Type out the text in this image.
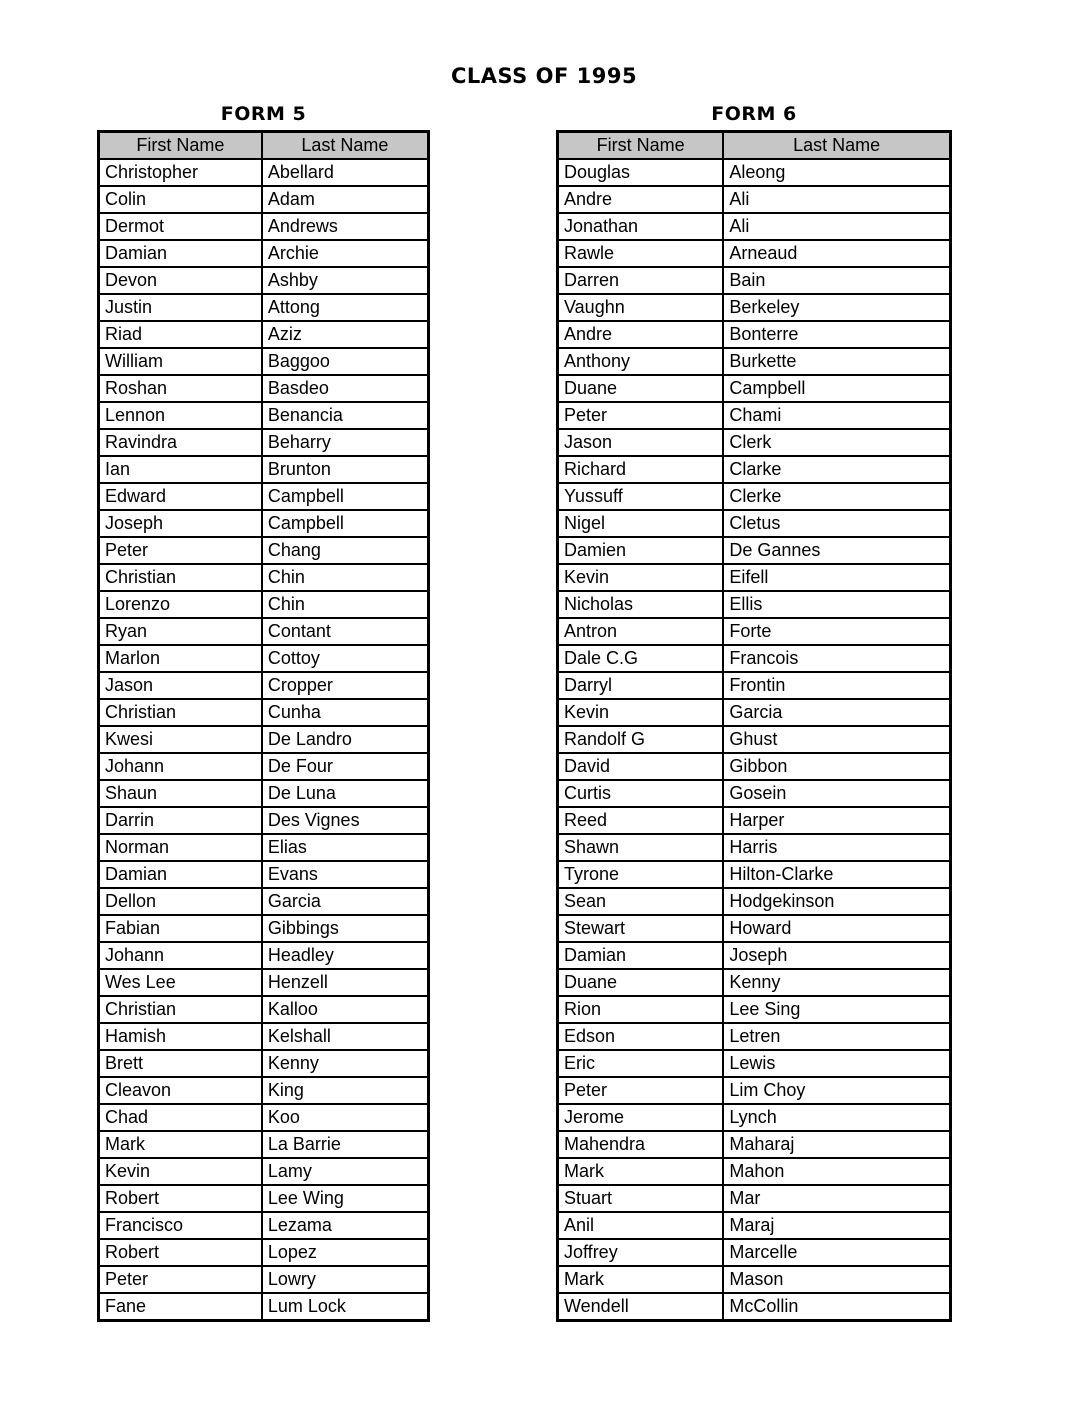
CLASS OF 1995
FORM 5
First Name	Last Name
Christopher	Abellard
Colin	Adam
Dermot	Andrews
Damian	Archie
Devon	Ashby
Justin	Attong
Riad	Aziz
William	Baggoo
Roshan	Basdeo
Lennon	Benancia
Ravindra	Beharry
Ian	Brunton
Edward	Campbell
Joseph	Campbell
Peter	Chang
Christian	Chin
Lorenzo	Chin
Ryan	Contant
Marlon	Cottoy
Jason	Cropper
Christian	Cunha
Kwesi	De Landro
Johann	De Four
Shaun	De Luna
Darrin	Des Vignes
Norman	Elias
Damian	Evans
Dellon	Garcia
Fabian	Gibbings
Johann	Headley
Wes Lee	Henzell
Christian	Kalloo
Hamish	Kelshall
Brett	Kenny
Cleavon	King
Chad	Koo
Mark	La Barrie
Kevin	Lamy
Robert	Lee Wing
Francisco	Lezama
Robert	Lopez
Peter	Lowry
Fane	Lum Lock
FORM 6
First Name	Last Name
Douglas	Aleong
Andre	Ali
Jonathan	Ali
Rawle	Arneaud
Darren	Bain
Vaughn	Berkeley
Andre	Bonterre
Anthony	Burkette
Duane	Campbell
Peter	Chami
Jason	Clerk
Richard	Clarke
Yussuff	Clerke
Nigel	Cletus
Damien	De Gannes
Kevin	Eifell
Nicholas	Ellis
Antron	Forte
Dale C.G	Francois
Darryl	Frontin
Kevin	Garcia
Randolf G	Ghust
David	Gibbon
Curtis	Gosein
Reed	Harper
Shawn	Harris
Tyrone	Hilton-Clarke
Sean	Hodgekinson
Stewart	Howard
Damian	Joseph
Duane	Kenny
Rion	Lee Sing
Edson	Letren
Eric	Lewis
Peter	Lim Choy
Jerome	Lynch
Mahendra	Maharaj
Mark	Mahon
Stuart	Mar
Anil	Maraj
Joffrey	Marcelle
Mark	Mason
Wendell	McCollin
